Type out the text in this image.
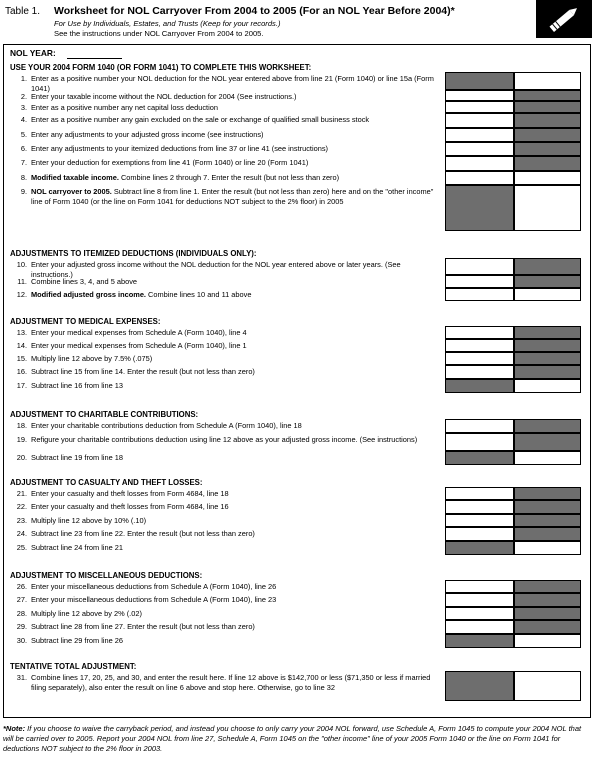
Table 1. Worksheet for NOL Carryover From 2004 to 2005 (For an NOL Year Before 2004)*
For Use by Individuals, Estates, and Trusts (Keep for your records.)
See the instructions under NOL Carryover From 2004 to 2005.
NOL YEAR:
USE YOUR 2004 FORM 1040 (OR FORM 1041) TO COMPLETE THIS WORKSHEET:
ADJUSTMENTS TO ITEMIZED DEDUCTIONS (INDIVIDUALS ONLY):
ADJUSTMENT TO MEDICAL EXPENSES:
ADJUSTMENT TO CHARITABLE CONTRIBUTIONS:
ADJUSTMENT TO CASUALTY AND THEFT LOSSES:
ADJUSTMENT TO MISCELLANEOUS DEDUCTIONS:
TENTATIVE TOTAL ADJUSTMENT:
1. Enter as a positive number your NOL deduction for the NOL year entered above from line 21 (Form 1040) or line 15a (Form 1041)
2. Enter your taxable income without the NOL deduction for 2004 (See instructions.)
3. Enter as a positive number any net capital loss deduction
4. Enter as a positive number any gain excluded on the sale or exchange of qualified small business stock
5. Enter any adjustments to your adjusted gross income (see instructions)
6. Enter any adjustments to your itemized deductions from line 37 or line 41 (see instructions)
7. Enter your deduction for exemptions from line 41 (Form 1040) or line 20 (Form 1041)
8. Modified taxable income. Combine lines 2 through 7. Enter the result (but not less than zero)
9. NOL carryover to 2005. Subtract line 8 from line 1. Enter the result (but not less than zero) here and on the "other income" line of Form 1040 (or the line on Form 1041 for deductions NOT subject to the 2% floor) in 2005
10. Enter your adjusted gross income without the NOL deduction for the NOL year entered above or later years. (See instructions.)
11. Combine lines 3, 4, and 5 above
12. Modified adjusted gross income. Combine lines 10 and 11 above
13. Enter your medical expenses from Schedule A (Form 1040), line 4
14. Enter your medical expenses from Schedule A (Form 1040), line 1
15. Multiply line 12 above by 7.5% (.075)
16. Subtract line 15 from line 14. Enter the result (but not less than zero)
17. Subtract line 16 from line 13
18. Enter your charitable contributions deduction from Schedule A (Form 1040), line 18
19. Refigure your charitable contributions deduction using line 12 above as your adjusted gross income. (See instructions)
20. Subtract line 19 from line 18
21. Enter your casualty and theft losses from Form 4684, line 18
22. Enter your casualty and theft losses from Form 4684, line 16
23. Multiply line 12 above by 10% (.10)
24. Subtract line 23 from line 22. Enter the result (but not less than zero)
25. Subtract line 24 from line 21
26. Enter your miscellaneous deductions from Schedule A (Form 1040), line 26
27. Enter your miscellaneous deductions from Schedule A (Form 1040), line 23
28. Multiply line 12 above by 2% (.02)
29. Subtract line 28 from line 27. Enter the result (but not less than zero)
30. Subtract line 29 from line 26
31. Combine lines 17, 20, 25, and 30, and enter the result here. If line 12 above is $142,700 or less ($71,350 or less if married filing separately), also enter the result on line 6 above and stop here. Otherwise, go to line 32
*Note: If you choose to waive the carryback period, and instead you choose to only carry your 2004 NOL forward, use Schedule A, Form 1045 to compute your 2004 NOL that will be carried over to 2005. Report your 2004 NOL from line 27, Schedule A, Form 1045 on the "other income" line of your 2005 Form 1040 or the line on Form 1041 for deductions NOT subject to the 2% floor in 2003.
